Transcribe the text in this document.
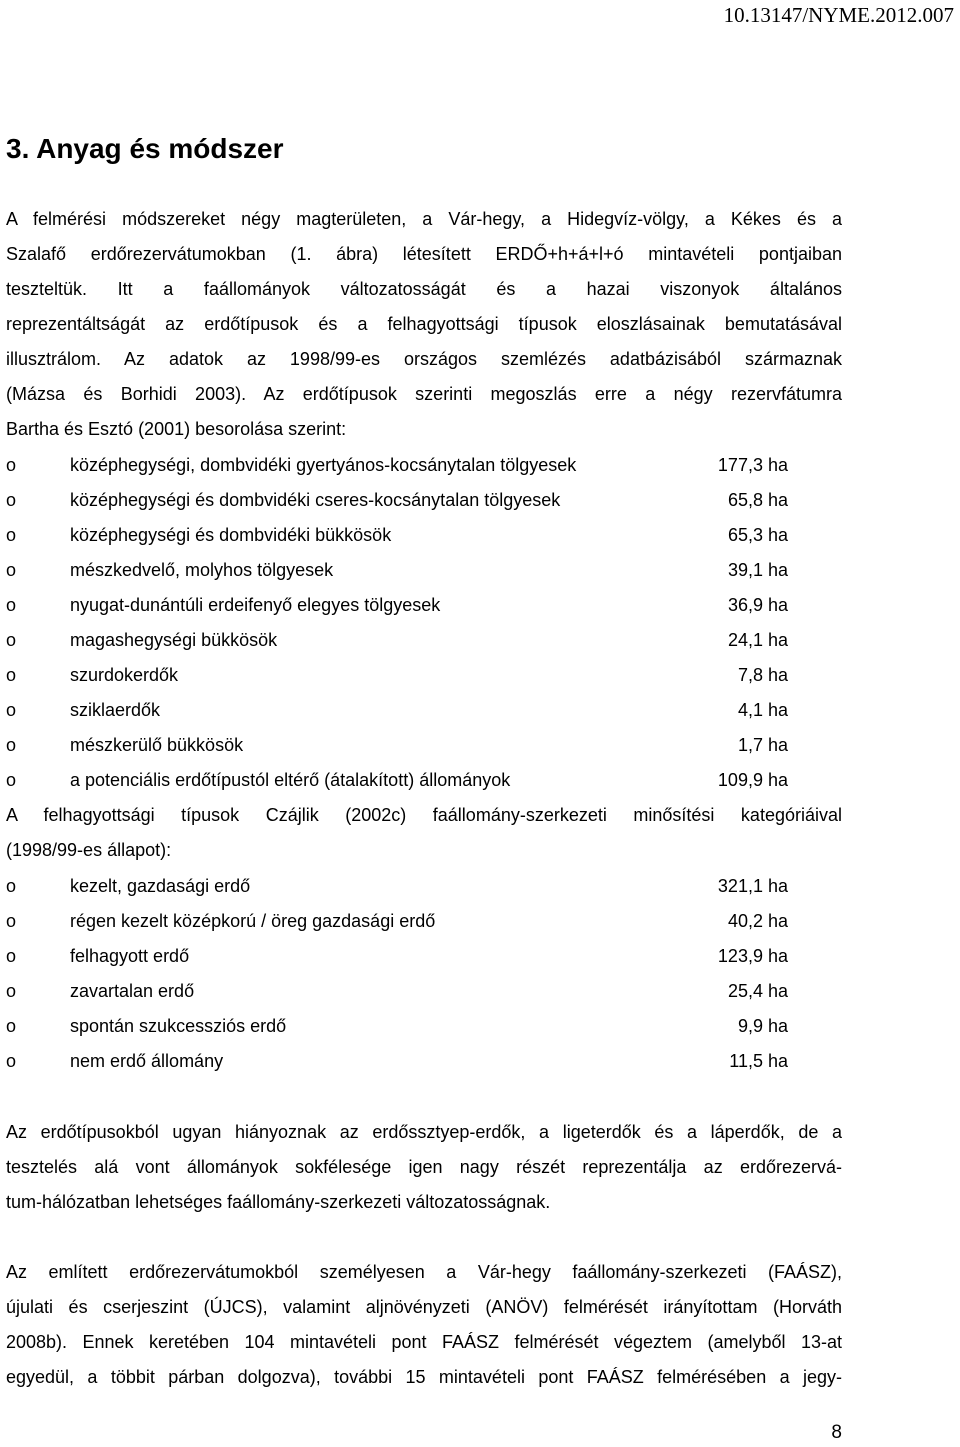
10.13147/NYME.2012.007
3. Anyag és módszer
A felmérési módszereket négy magterületen, a Vár-hegy, a Hidegvíz-völgy, a Kékes és a
Szalafő erdőrezervátumokban (1. ábra) létesített ERDŐ+h+á+l+ó mintavételi pontjaiban
teszteltük. Itt a faállományok változatosságát és a hazai viszonyok általános
reprezentáltságát az erdőtípusok és a felhagyottsági típusok eloszlásainak bemutatásával
illusztrálom. Az adatok az 1998/99-es országos szemlézés adatbázisából származnak
(Mázsa és Borhidi 2003). Az erdőtípusok szerinti megoszlás erre a négy rezervfátumra
Bartha és Esztó (2001) besorolása szerint:
o	középhegységi, dombvidéki gyertyános-kocsánytalan tölgyesek	177,3 ha
o	középhegységi és dombvidéki cseres-kocsánytalan tölgyesek	65,8 ha
o	középhegységi és dombvidéki bükkösök	65,3 ha
o	mészkedvelő, molyhos tölgyesek	39,1 ha
o	nyugat-dunántúli erdeifenyő elegyes tölgyesek	36,9 ha
o	magashegységi bükkösök	24,1 ha
o	szurdokerdők	7,8 ha
o	sziklaerdők	4,1 ha
o	mészkerülő bükkösök	1,7 ha
o	a potenciális erdőtípustól eltérő (átalakított) állományok	109,9 ha
A felhagyottsági típusok Czájlik (2002c) faállomány-szerkezeti minősítési kategóriáival
(1998/99-es állapot):
o	kezelt, gazdasági erdő	321,1 ha
o	régen kezelt középkorú / öreg gazdasági erdő	40,2 ha
o	felhagyott erdő	123,9 ha
o	zavartalan erdő	25,4 ha
o	spontán szukcessziós erdő	9,9 ha
o	nem erdő állomány	11,5 ha
Az erdőtípusokból ugyan hiányoznak az erdőssztyep-erdők, a ligeterdők és a láperdők, de a
tesztelés alá vont állományok sokfélesége igen nagy részét reprezentálja az erdőrezervá-
tum-hálózatban lehetséges faállomány-szerkezeti változatosságnak.
Az említett erdőrezervátumokból személyesen a Vár-hegy faállomány-szerkezeti (FAÁSZ),
újulati és cserjeszint (ÚJCS), valamint aljnövényzeti (ANÖV) felmérését irányítottam (Horváth
2008b). Ennek keretében 104 mintavételi pont FAÁSZ felmérését végeztem (amelyből 13-at
egyedül, a többit párban dolgozva), további 15 mintavételi pont FAÁSZ felmérésében a jegy-
8
